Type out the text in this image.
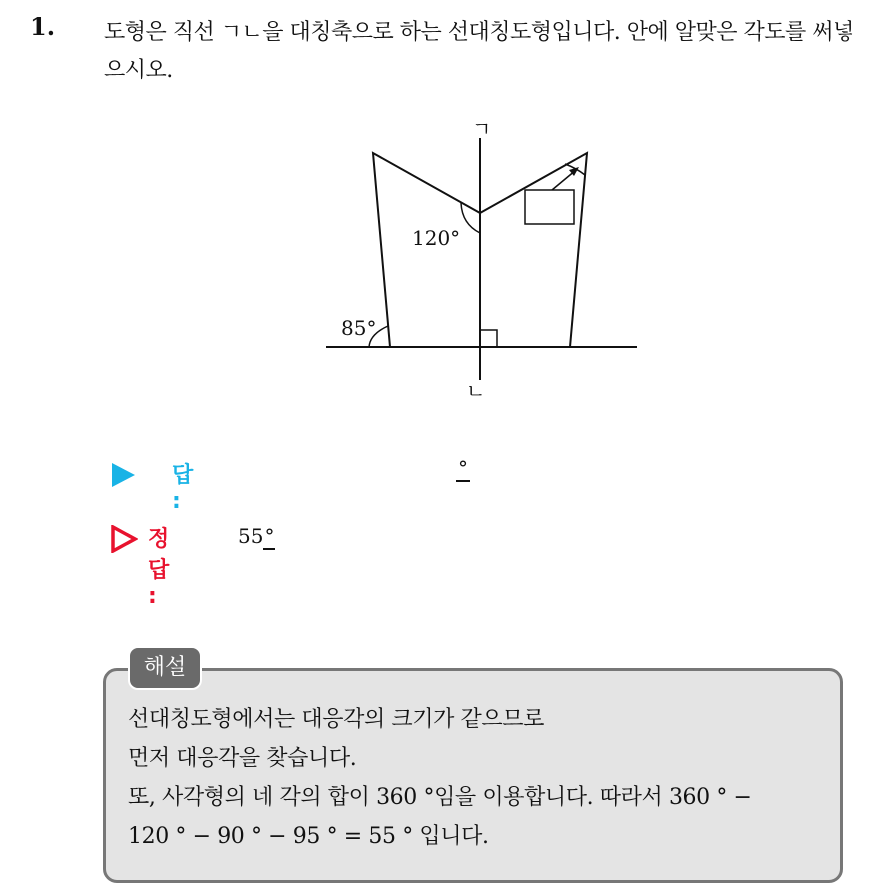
1. 도형은 직선 ㄱㄴ을 대칭축으로 하는 선대칭도형입니다. 안에 알맞은 각도를 써넣으시오.
ㄱ
ㄴ
120°
85°
답 :
°
정답 :
55°
해설
선대칭도형에서는 대응각의 크기가 같으므로
먼저 대응각을 찾습니다.
또, 사각형의 네 각의 합이 360 °임을 이용합니다. 따라서 360 ° −
120 ° − 90 ° − 95 ° = 55 ° 입니다.
